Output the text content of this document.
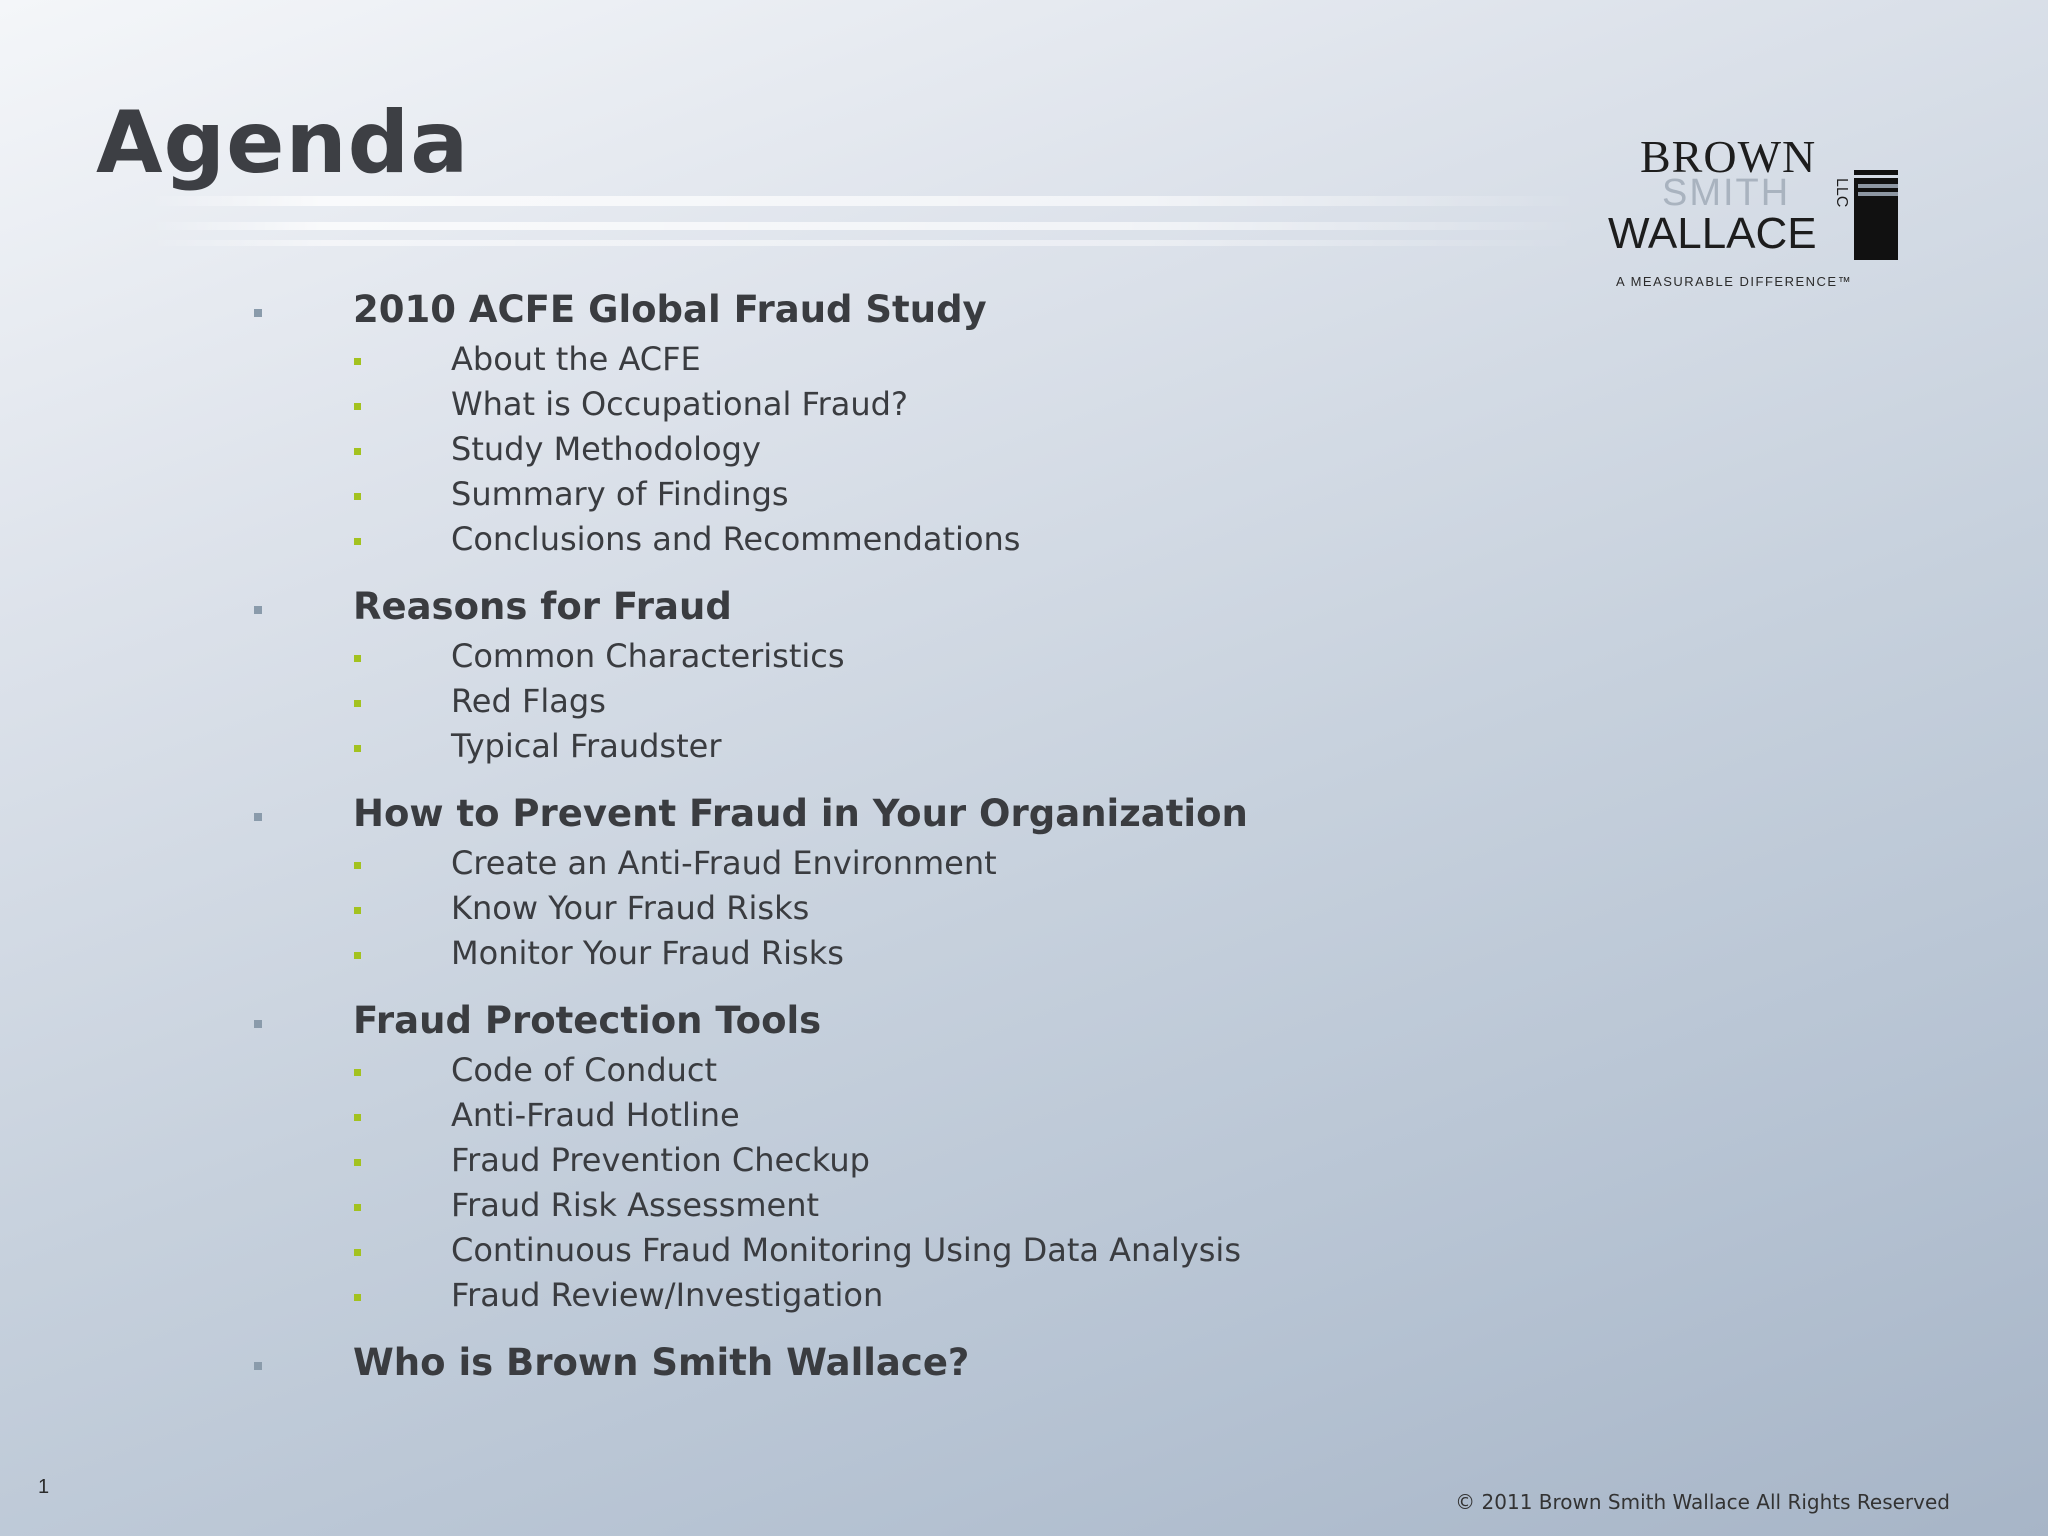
Agenda	BROWN
SMITH
WALLACE
LLC
A MEASURABLE DIFFERENCE™
2010 ACFE Global Fraud Study
About the ACFE
What is Occupational Fraud?
Study Methodology
Summary of Findings
Conclusions and Recommendations
Reasons for Fraud
Common Characteristics
Red Flags
Typical Fraudster
How to Prevent Fraud in Your Organization
Create an Anti-Fraud Environment
Know Your Fraud Risks
Monitor Your Fraud Risks
Fraud Protection Tools
Code of Conduct
Anti-Fraud Hotline
Fraud Prevention Checkup
Fraud Risk Assessment
Continuous Fraud Monitoring Using Data Analysis
Fraud Review/Investigation
Who is Brown Smith Wallace?
1
© 2011 Brown Smith Wallace All Rights Reserved
